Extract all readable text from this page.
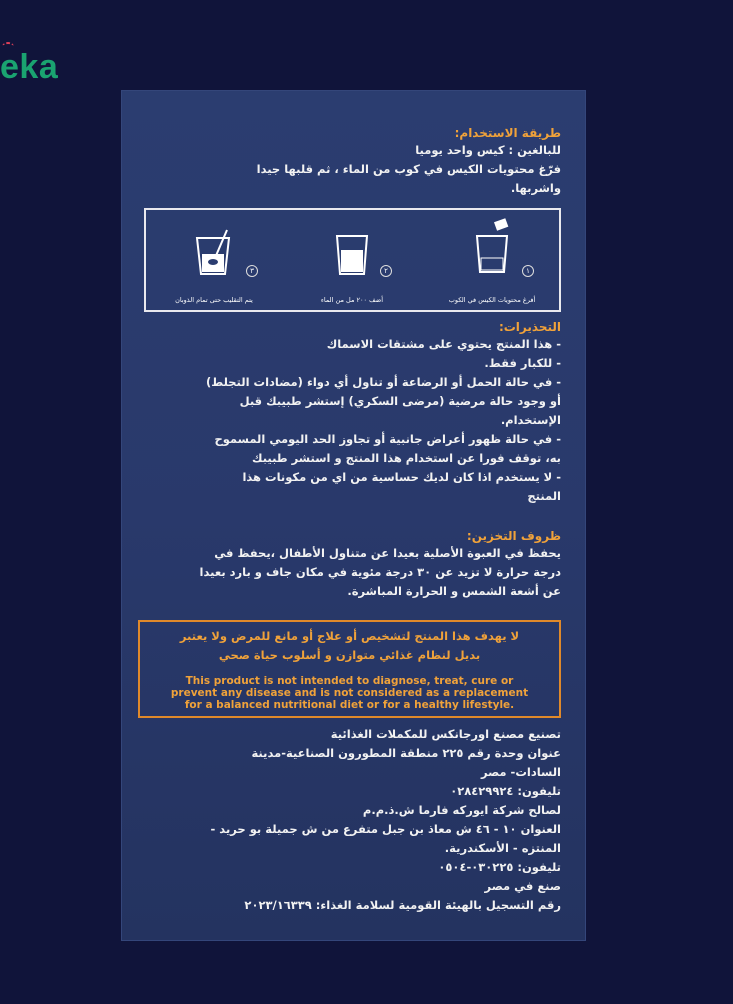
eka
طريقة الاستخدام:
للبالغين : كيس واحد يوميا
فرّغ محتويات الكيس في كوب من الماء ، ثم قلبها جيدا
واشربها.
٣
يتم التقليب حتى تمام الذوبان
٢
أضف ٢٠٠ مل من الماء
١
أفرغ محتويات الكيس في الكوب
التحذيرات:
- هذا المنتج يحتوي على مشتقات الاسماك
- للكبار فقط.
- في حالة الحمل أو الرضاعة أو تناول أي دواء (مضادات التجلط)
أو وجود حالة مرضية (مرضى السكري) إستشر طبيبك قبل
الإستخدام.
- في حالة ظهور أعراض جانبية أو تجاوز الحد اليومي المسموح
به، توقف فورا عن استخدام هذا المنتج و استشر طبيبك
- لا يستخدم اذا كان لديك حساسية من اي من مكونات هذا
المنتج
ظروف التخزين:
يحفظ في العبوة الأصلية بعيدا عن متناول الأطفال ،يحفظ في
درجة حرارة لا تزيد عن ٣٠ درجة مئوية في مكان جاف و بارد بعيدا
عن أشعة الشمس و الحرارة المباشرة.
لا يهدف هذا المنتج لتشخيص أو علاج أو مانع للمرض ولا يعتبر
بديل لنظام غذائي متوازن و أسلوب حياة صحي
This product is not intended to diagnose, treat, cure or
prevent any disease and is not considered as a replacement
for a balanced nutritional diet or for a healthy lifestyle.
تصنيع مصنع اورجانكس للمكملات الغذائية
عنوان وحدة رقم ٢٢٥ منطقة المطورون الصناعية-مدينة
السادات- مصر
تليفون: ٠٢٨٤٢٩٩٢٤
لصالح شركة ايوركه فارما ش.ذ.م.م
العنوان ١٠ - ٤٦ ش معاذ بن جبل متفرع من ش جميلة بو حريد -
المنتزه - الأسكندرية.
تليفون: ٠٣٠٢٢٥-٠٥٠٤
صنع في مصر
رقم التسجيل بالهيئة القومية لسلامة الغذاء: ٢٠٢٣/١٦٣٣٩
